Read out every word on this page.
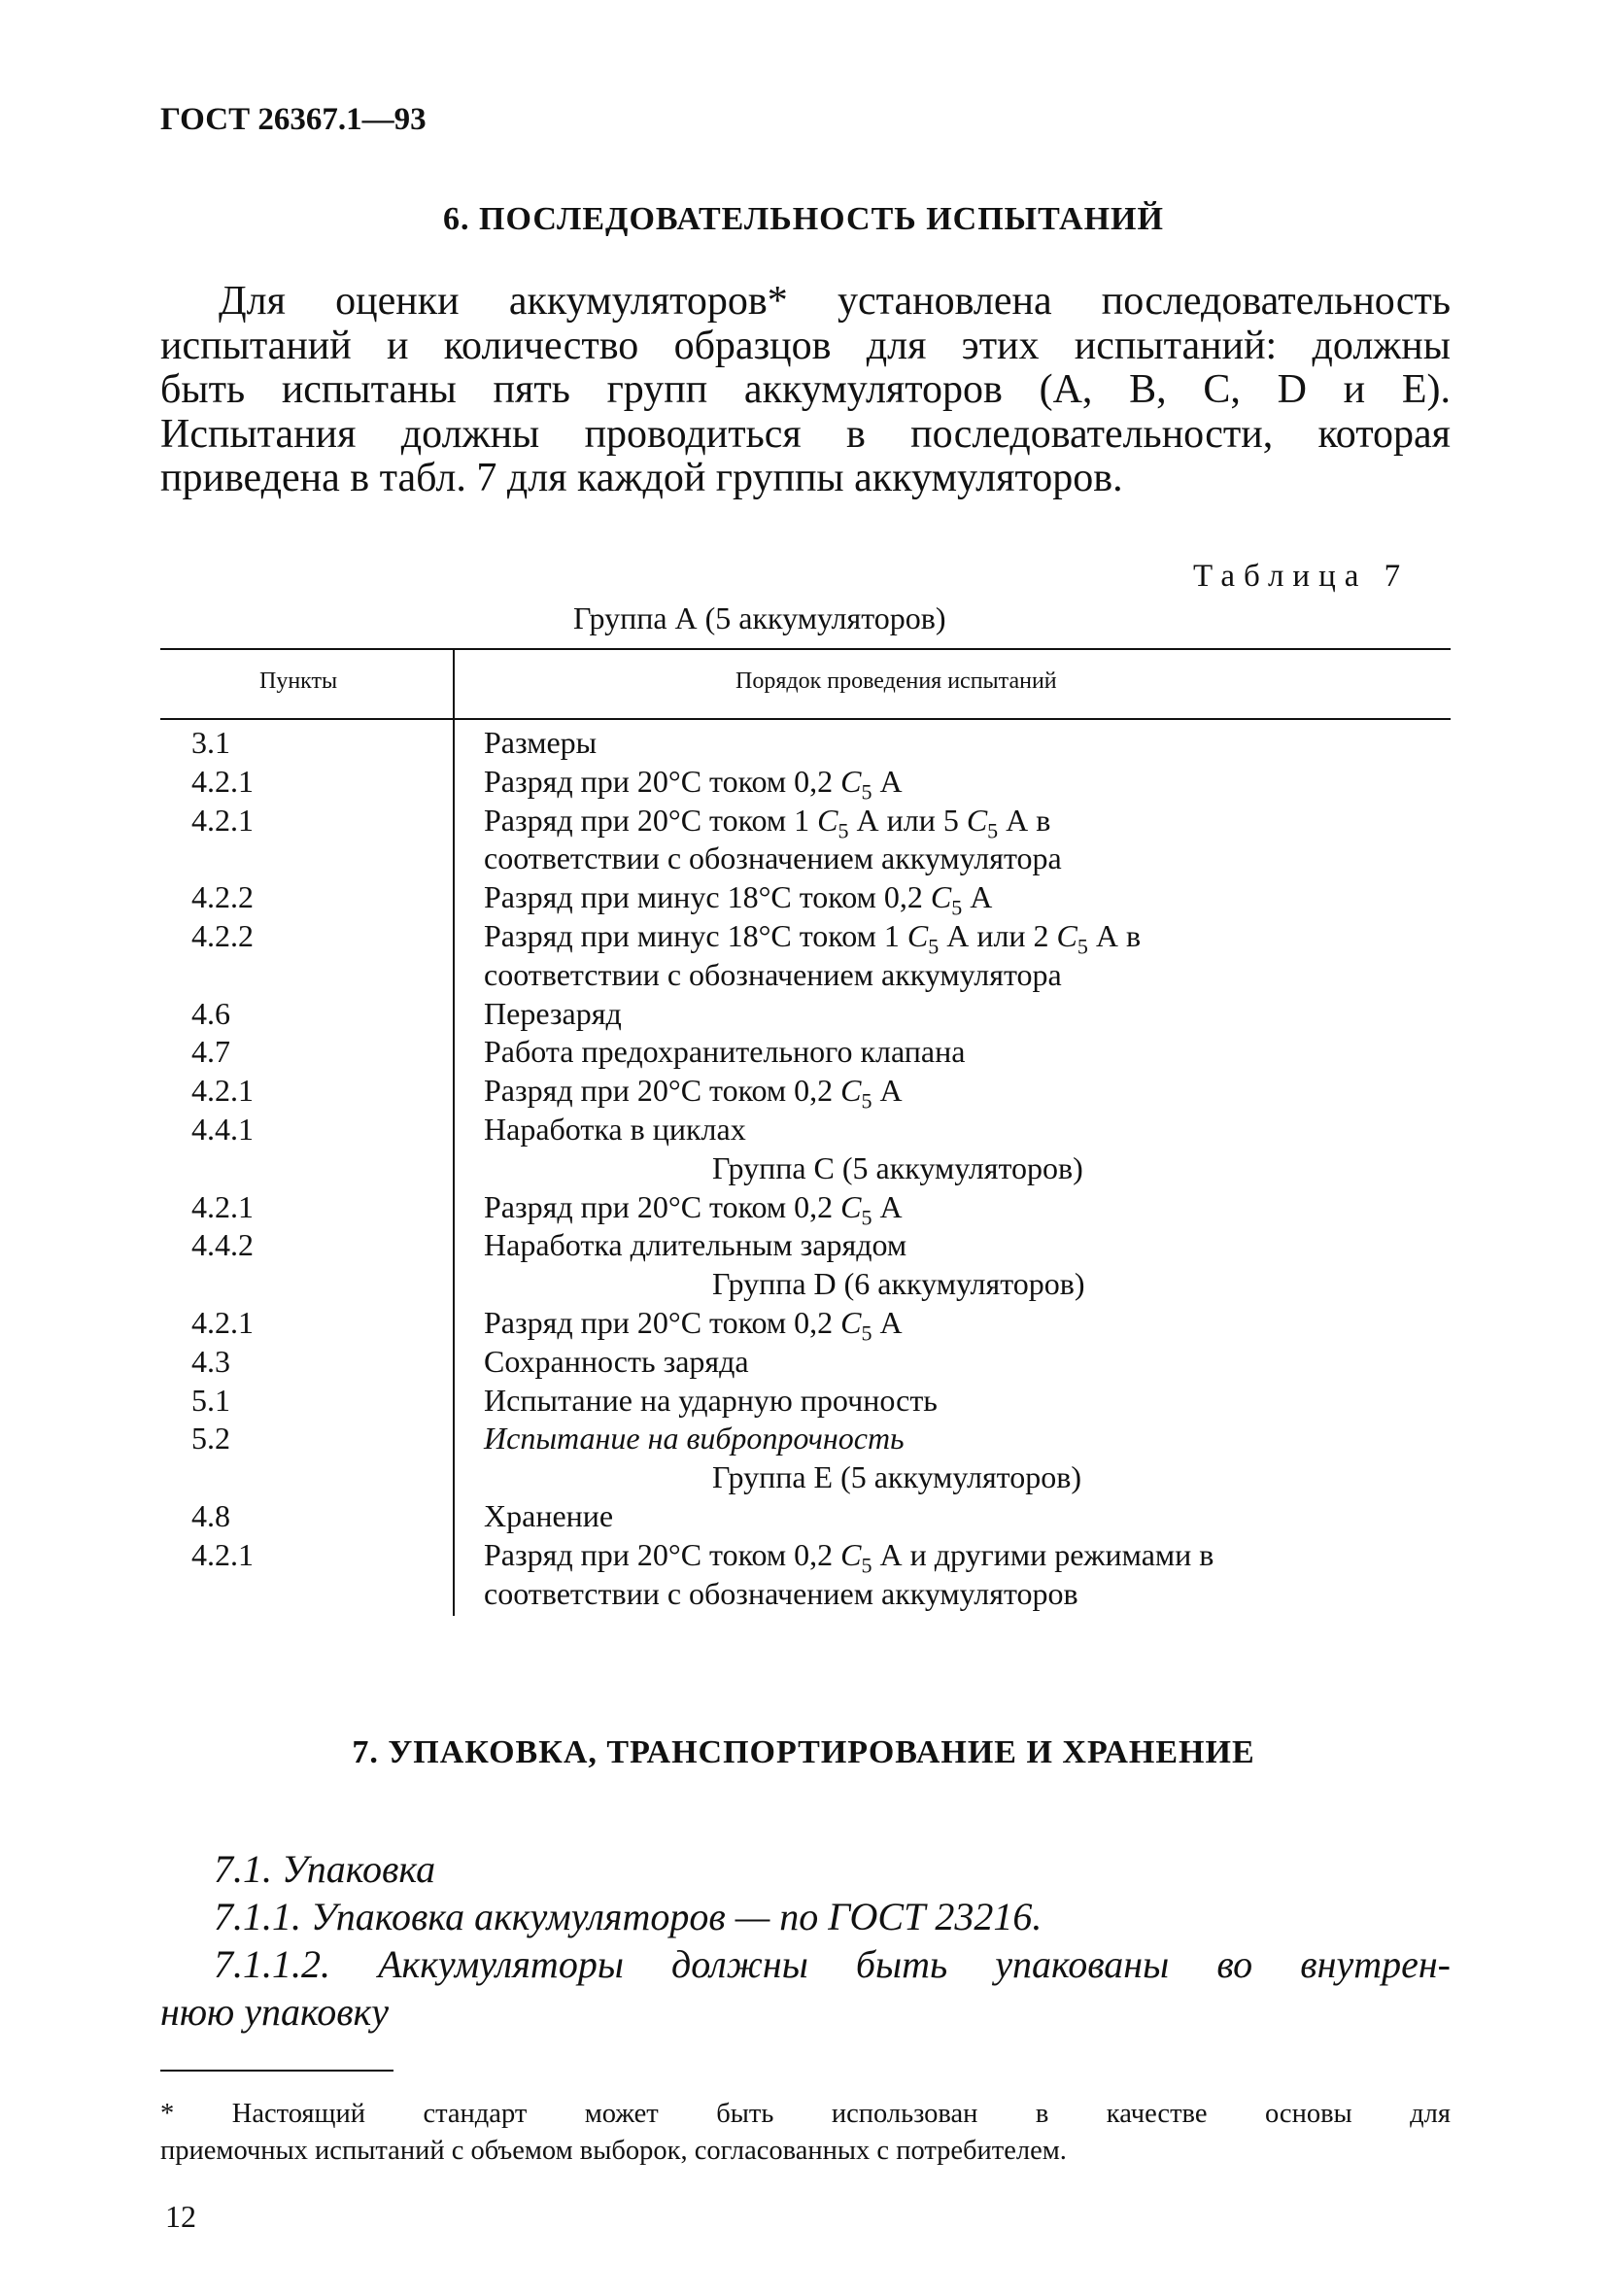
ГОСТ 26367.1—93
6. ПОСЛЕДОВАТЕЛЬНОСТЬ ИСПЫТАНИЙ
Для оценки аккумуляторов* установлена последовательность
испытаний и количество образцов для этих испытаний: должны
быть испытаны пять групп аккумуляторов (А, В, С, D и Е).
Испытания должны проводиться в последовательности, которая
приведена в табл. 7 для каждой группы аккумуляторов.
Таблица 7
Группа А (5 аккумуляторов)
Пункты	Порядок проведения испытаний
3.1	Размеры
4.2.1	Разряд при 20°С током 0,2 $C_5$ А
4.2.1	Разряд при 20°С током 1 $C_5$ А или 5 $C_5$ А в
соответствии с обозначением аккумулятора
4.2.2	Разряд при минус 18°С током 0,2 $C_5$ А
4.2.2	Разряд при минус 18°С током 1 $C_5$ А или 2 $C_5$ А в
соответствии с обозначением аккумулятора
4.6	Перезаряд
4.7	Работа предохранительного клапана
4.2.1	Разряд при 20°С током 0,2 $C_5$ А
4.4.1	Наработка в циклах
Группа С (5 аккумуляторов)
4.2.1	Разряд при 20°С током 0,2 $C_5$ А
4.4.2	Наработка длительным зарядом
Группа D (6 аккумуляторов)
4.2.1	Разряд при 20°С током 0,2 $C_5$ А
4.3	Сохранность заряда
5.1	Испытание на ударную прочность
5.2	Испытание на вибропрочность
Группа Е (5 аккумуляторов)
4.8	Хранение
4.2.1	Разряд при 20°С током 0,2 $C_5$ А и другими режимами в
соответствии с обозначением аккумуляторов
7. УПАКОВКА, ТРАНСПОРТИРОВАНИЕ И ХРАНЕНИЕ
7.1. Упаковка
7.1.1. Упаковка аккумуляторов — по ГОСТ 23216.
7.1.1.2. Аккумуляторы должны быть упакованы во внутрен-
нюю упаковку
* Настоящий стандарт может быть использован в качестве основы для
приемочных испытаний с объемом выборок, согласованных с потребителем.
12
